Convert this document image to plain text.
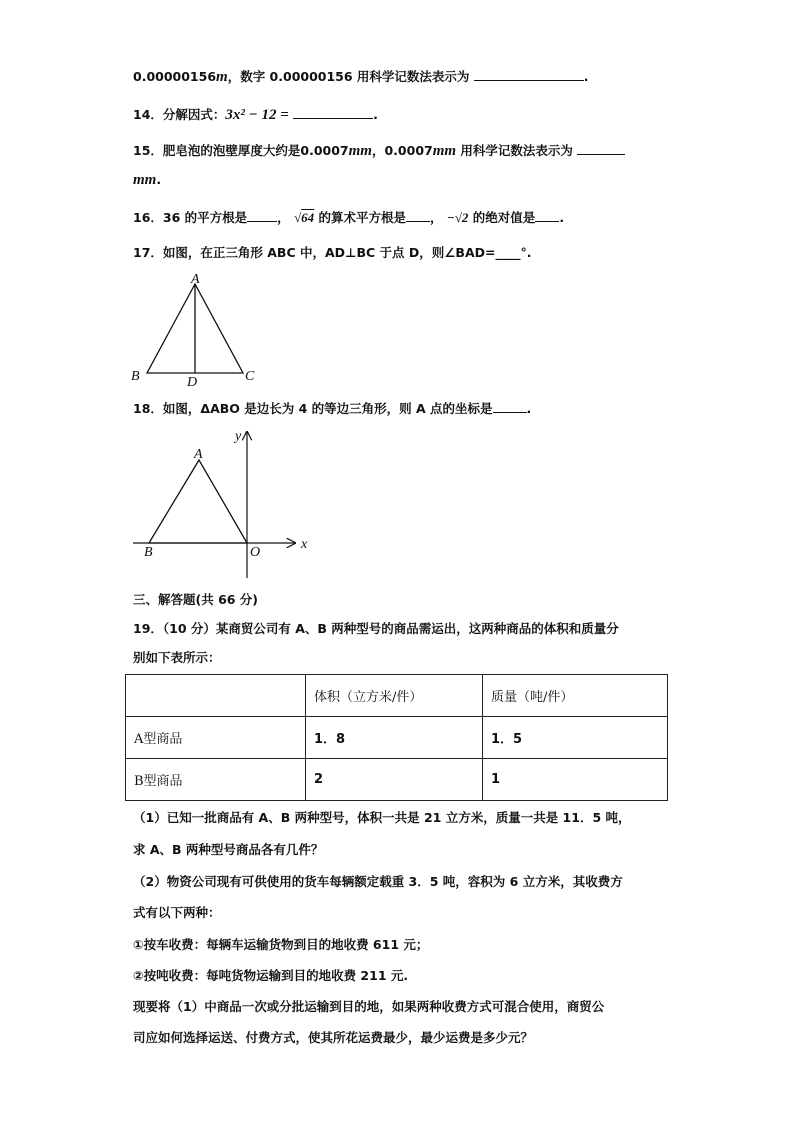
0.00000156m，数字 0.00000156 用科学记数法表示为	.
14．分解因式：3x² − 12 =	.
15．肥皂泡的泡壁厚度大约是0.0007mm，0.0007mm 用科学记数法表示为
mm.
16．36 的平方根是 ， √64 的算术平方根是 ， −√2 的绝对值是 .
17．如图，在正三角形 ABC 中，AD⊥BC 于点 D，则∠BAD=____°.
A
B	C
D
18．如图，ΔABO 是边长为 4 的等边三角形，则 A 点的坐标是	.
A
B	O
x
y
三、解答题(共 66 分)
19．（10 分）某商贸公司有 A、B 两种型号的商品需运出，这两种商品的体积和质量分
别如下表所示：
	体积（立方米/件）	质量（吨/件）
A型商品	1．8	1．5
B型商品	2	1
（1）已知一批商品有 A、B 两种型号，体积一共是 21 立方米，质量一共是 11．5 吨，
求 A、B 两种型号商品各有几件？
（2）物资公司现有可供使用的货车每辆额定载重 3．5 吨，容积为 6 立方米，其收费方
式有以下两种：
①按车收费：每辆车运输货物到目的地收费 611 元；
②按吨收费：每吨货物运输到目的地收费 211 元.
现要将（1）中商品一次或分批运输到目的地，如果两种收费方式可混合使用，商贸公
司应如何选择运送、付费方式，使其所花运费最少，最少运费是多少元？
